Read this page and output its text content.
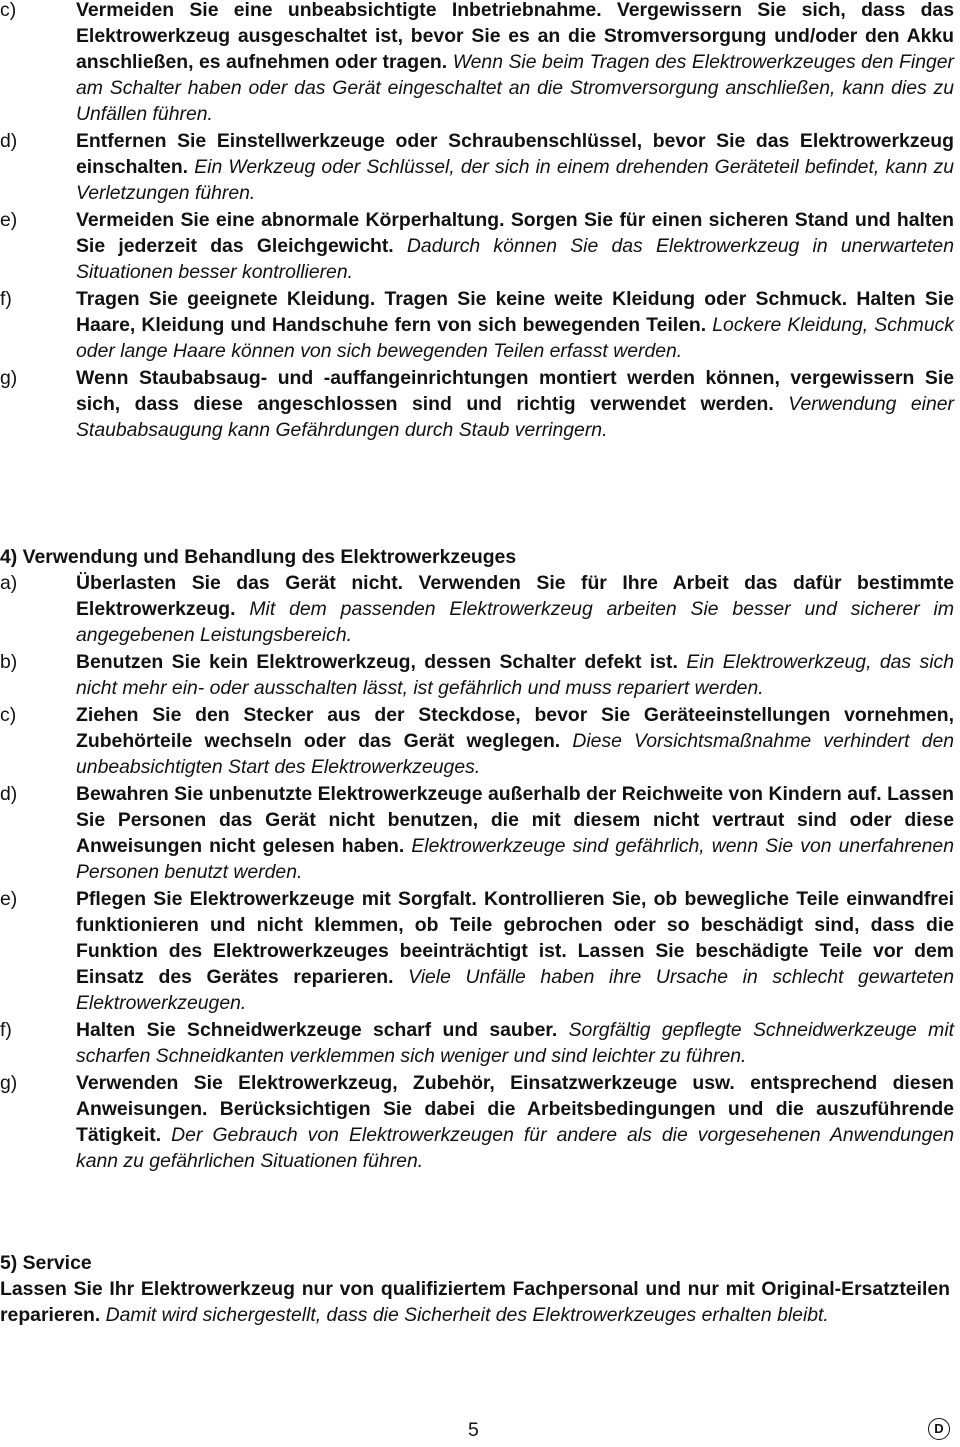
c)	Vermeiden Sie eine unbeabsichtigte Inbetriebnahme. Vergewissern Sie sich, dass das Elektrowerkzeug ausgeschaltet ist, bevor Sie es an die Stromversorgung und/oder den Akku anschließen, es aufnehmen oder tragen. Wenn Sie beim Tragen des Elektrowerkzeuges den Finger am Schalter haben oder das Gerät eingeschaltet an die Stromversorgung anschließen, kann dies zu Unfällen führen.
d)	Entfernen Sie Einstellwerkzeuge oder Schraubenschlüssel, bevor Sie das Elektrowerkzeug einschalten. Ein Werkzeug oder Schlüssel, der sich in einem drehenden Geräteteil befindet, kann zu Verletzungen führen.
e)	Vermeiden Sie eine abnormale Körperhaltung. Sorgen Sie für einen sicheren Stand und halten Sie jederzeit das Gleichgewicht. Dadurch können Sie das Elektrowerkzeug in unerwarteten Situationen besser kontrollieren.
f)	Tragen Sie geeignete Kleidung. Tragen Sie keine weite Kleidung oder Schmuck. Halten Sie Haare, Kleidung und Handschuhe fern von sich bewegenden Teilen. Lockere Kleidung, Schmuck oder lange Haare können von sich bewegenden Teilen erfasst werden.
g)	Wenn Staubabsaug- und -auffangeinrichtungen montiert werden können, vergewissern Sie sich, dass diese angeschlossen sind und richtig verwendet werden. Verwendung einer Staubabsaugung kann Gefährdungen durch Staub verringern.
4) Verwendung und Behandlung des Elektrowerkzeuges
a)	Überlasten Sie das Gerät nicht. Verwenden Sie für Ihre Arbeit das dafür bestimmte Elektrowerkzeug. Mit dem passenden Elektrowerkzeug arbeiten Sie besser und sicherer im angegebenen Leistungsbereich.
b)	Benutzen Sie kein Elektrowerkzeug, dessen Schalter defekt ist. Ein Elektrowerkzeug, das sich nicht mehr ein- oder ausschalten lässt, ist gefährlich und muss repariert werden.
c)	Ziehen Sie den Stecker aus der Steckdose, bevor Sie Geräteeinstellungen vornehmen, Zubehörteile wechseln oder das Gerät weglegen. Diese Vorsichtsmaßnahme verhindert den unbeabsichtigten Start des Elektrowerkzeuges.
d)	Bewahren Sie unbenutzte Elektrowerkzeuge außerhalb der Reichweite von Kindern auf. Lassen Sie Personen das Gerät nicht benutzen, die mit diesem nicht vertraut sind oder diese Anweisungen nicht gelesen haben. Elektrowerkzeuge sind gefährlich, wenn Sie von unerfahrenen Personen benutzt werden.
e)	Pflegen Sie Elektrowerkzeuge mit Sorgfalt. Kontrollieren Sie, ob bewegliche Teile einwandfrei funktionieren und nicht klemmen, ob Teile gebrochen oder so beschädigt sind, dass die Funktion des Elektrowerkzeuges beeinträchtigt ist. Lassen Sie beschädigte Teile vor dem Einsatz des Gerätes reparieren. Viele Unfälle haben ihre Ursache in schlecht gewarteten Elektrowerkzeugen.
f)	Halten Sie Schneidwerkzeuge scharf und sauber. Sorgfältig gepflegte Schneidwerkzeuge mit scharfen Schneidkanten verklemmen sich weniger und sind leichter zu führen.
g)	Verwenden Sie Elektrowerkzeug, Zubehör, Einsatzwerkzeuge usw. entsprechend diesen Anweisungen. Berücksichtigen Sie dabei die Arbeitsbedingungen und die auszuführende Tätigkeit. Der Gebrauch von Elektrowerkzeugen für andere als die vorgesehenen Anwendungen kann zu gefährlichen Situationen führen.
5) Service
Lassen Sie Ihr Elektrowerkzeug nur von qualifiziertem Fachpersonal und nur mit Original-Ersatzteilen reparieren. Damit wird sichergestellt, dass die Sicherheit des Elektrowerkzeuges erhalten bleibt.
5	D
